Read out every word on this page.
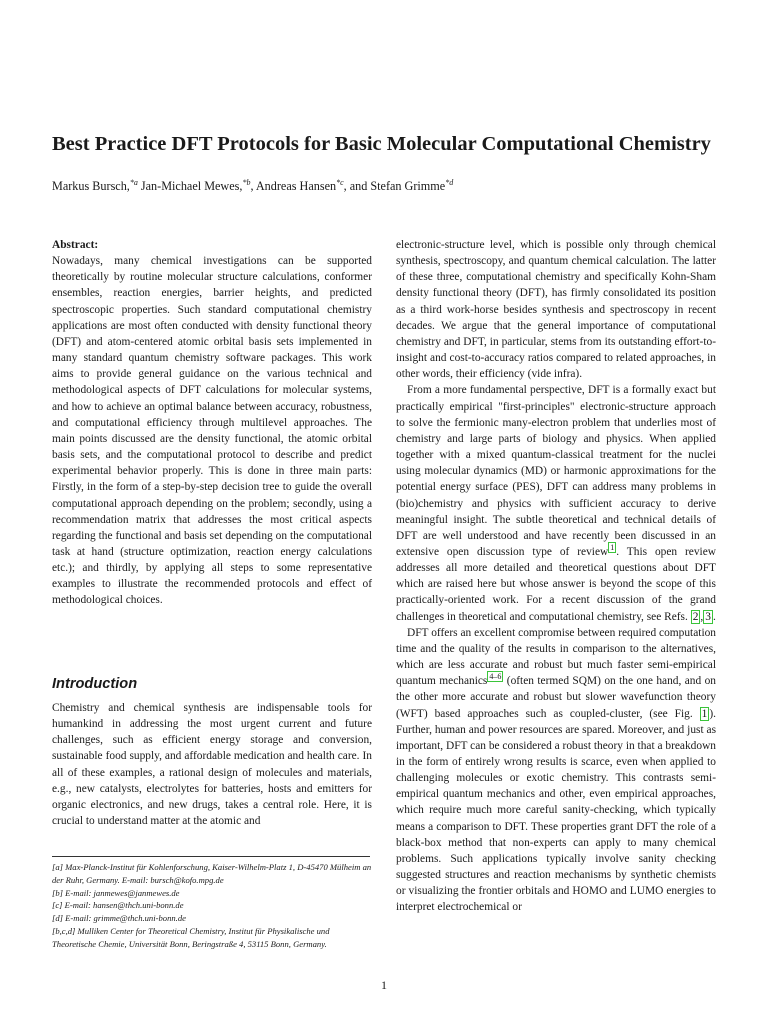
Best Practice DFT Protocols for Basic Molecular Computational Chemistry

Markus Bursch,$^{*a}$ Jan-Michael Mewes,$^{*b}$, Andreas Hansen$^{*c}$, and Stefan Grimme$^{*d}$

Abstract:

Nowadays, many chemical investigations can be supported theoretically by routine molecular structure calculations, conformer ensembles, reaction energies, barrier heights, and predicted spectroscopic properties. Such standard computational chemistry applications are most often conducted with density functional theory (DFT) and atom-centered atomic orbital basis sets implemented in many standard quantum chemistry software packages. This work aims to provide general guidance on the various technical and methodological aspects of DFT calculations for molecular systems, and how to achieve an optimal balance between accuracy, robustness, and computational efficiency through multilevel approaches. The main points discussed are the density functional, the atomic orbital basis sets, and the computational protocol to describe and predict experimental behavior properly. This is done in three main parts: Firstly, in the form of a step-by-step decision tree to guide the overall computational approach depending on the problem; secondly, using a recommendation matrix that addresses the most critical aspects regarding the functional and basis set depending on the computational task at hand (structure optimization, reaction energy calculations etc.); and thirdly, by applying all steps to some representative examples to illustrate the recommended protocols and effect of methodological choices.

Introduction

Chemistry and chemical synthesis are indispensable tools for humankind in addressing the most urgent current and future challenges, such as efficient energy storage and conversion, sustainable food supply, and affordable medication and health care. In all of these examples, a rational design of molecules and materials, e.g., new catalysts, electrolytes for batteries, hosts and emitters for organic electronics, and new drugs, takes a central role. Here, it is crucial to understand matter at the atomic and

[a] Max-Planck-Institut für Kohlenforschung, Kaiser-Wilhelm-Platz 1, D-45470 Mülheim an der Ruhr, Germany. E-mail: bursch@kofo.mpg.de

[b] E-mail: janmewes@janmewes.de

[c] E-mail: hansen@thch.uni-bonn.de

[d] E-mail: grimme@thch.uni-bonn.de

[b,c,d] Mulliken Center for Theoretical Chemistry, Institut für Physikalische und Theoretische Chemie, Universität Bonn, Beringstraße 4, 53115 Bonn, Germany.

electronic-structure level, which is possible only through chemical synthesis, spectroscopy, and quantum chemical calculation. The latter of these three, computational chemistry and specifically Kohn-Sham density functional theory (DFT), has firmly consolidated its position as a third work-horse besides synthesis and spectroscopy in recent decades. We argue that the general importance of computational chemistry and DFT, in particular, stems from its outstanding effort-to-insight and cost-to-accuracy ratios compared to related approaches, in other words, their efficiency (vide infra).

From a more fundamental perspective, DFT is a formally exact but practically empirical "first-principles" electronic-structure approach to solve the fermionic many-electron problem that underlies most of chemistry and large parts of biology and physics. When applied together with a mixed quantum-classical treatment for the nuclei using molecular dynamics (MD) or harmonic approximations for the potential energy surface (PES), DFT can address many problems in (bio)chemistry and physics with sufficient accuracy to derive meaningful insight. The subtle theoretical and technical details of DFT are well understood and have recently been discussed in an extensive open discussion type of review $^1$ . This open review addresses all more detailed and theoretical questions about DFT which are raised here but whose answer is beyond the scope of this practically-oriented work. For a recent discussion of the grand challenges in theoretical and computational chemistry, see Refs. 2 , 3 .

DFT offers an excellent compromise between required computation time and the quality of the results in comparison to the alternatives, which are less accurate and robust but much faster semi-empirical quantum mechanics $^{4-6}$ (often termed SQM) on the one hand, and on the other more accurate and robust but slower wavefunction theory (WFT) based approaches such as coupled-cluster, (see Fig. 1 ). Further, human and power resources are spared. Moreover, and just as important, DFT can be considered a robust theory in that a breakdown in the form of entirely wrong results is scarce, even when applied to challenging molecules or exotic chemistry. This contrasts semi-empirical quantum mechanics and other, even empirical approaches, which require much more careful sanity-checking, which typically means a comparison to DFT. These properties grant DFT the role of a black-box method that non-experts can apply to many chemical problems. Such applications typically involve sanity checking suggested structures and reaction mechanisms by synthetic chemists or visualizing the frontier orbitals and HOMO and LUMO energies to interpret electrochemical or

1
